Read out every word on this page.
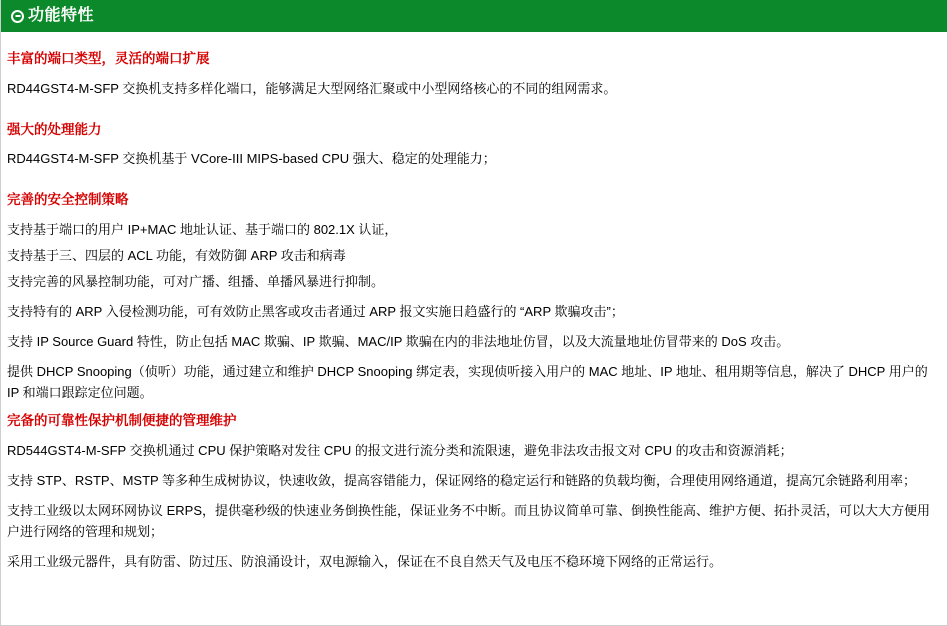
功能特性

丰富的端口类型，灵活的端口扩展

RD44GST4-M-SFP 交换机支持多样化端口，能够满足大型网络汇聚或中小型网络核心的不同的组网需求。

强大的处理能力

RD44GST4-M-SFP 交换机基于 VCore-III MIPS-based CPU 强大、稳定的处理能力；

完善的安全控制策略

支持基于端口的用户 IP+MAC 地址认证、基于端口的 802.1X 认证，

支持基于三、四层的 ACL 功能，有效防御 ARP 攻击和病毒

支持完善的风暴控制功能，可对广播、组播、单播风暴进行抑制。

支持特有的 ARP 入侵检测功能，可有效防止黑客或攻击者通过 ARP 报文实施日趋盛行的 “ARP 欺骗攻击”；

支持 IP Source Guard 特性，防止包括 MAC 欺骗、IP 欺骗、MAC/IP 欺骗在内的非法地址仿冒，以及大流量地址仿冒带来的 DoS 攻击。

提供 DHCP Snooping（侦听）功能，通过建立和维护 DHCP Snooping 绑定表，实现侦听接入用户的 MAC 地址、IP 地址、租用期等信息，解决了 DHCP 用户的 IP 和端口跟踪定位问题。

完备的可靠性保护机制便捷的管理维护

RD544GST4-M-SFP 交换机通过 CPU 保护策略对发往 CPU 的报文进行流分类和流限速，避免非法攻击报文对 CPU 的攻击和资源消耗；

支持 STP、RSTP、MSTP 等多种生成树协议，快速收敛，提高容错能力，保证网络的稳定运行和链路的负载均衡，合理使用网络通道，提高冗余链路利用率；

支持工业级以太网环网协议 ERPS，提供毫秒级的快速业务倒换性能，保证业务不中断。而且协议简单可靠、倒换性能高、维护方便、拓扑灵活，可以大大方便用户进行网络的管理和规划；

采用工业级元器件，具有防雷、防过压、防浪涌设计，双电源输入，保证在不良自然天气及电压不稳环境下网络的正常运行。
